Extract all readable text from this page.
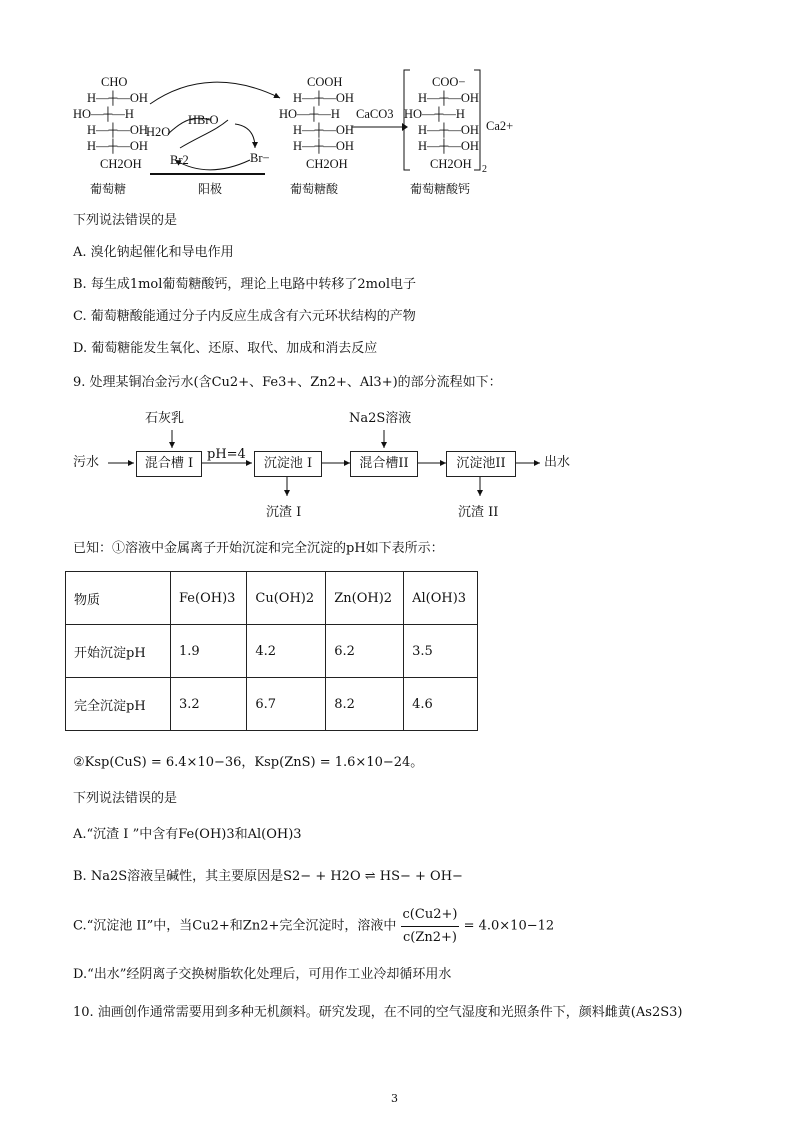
CHO
H—┼—OH
HO—┼—H
H—┼—OH
H—┼—OH
CH2OH
葡萄糖
HBrO
H2O
Br2	Br−
阳极
COOH
H—┼—OH
HO—┼—H
H—┼—OH
H—┼—OH
CH2OH
葡萄糖酸
CaCO3
COO−
H—┼—OH
HO—┼—H
H—┼—OH
H—┼—OH
CH2OH 2
Ca2+
葡萄糖酸钙
下列说法错误的是
A. 溴化钠起催化和导电作用
B. 每生成1mol葡萄糖酸钙，理论上电路中转移了2mol电子
C. 葡萄糖酸能通过分子内反应生成含有六元环状结构的产物
D. 葡萄糖能发生氧化、还原、取代、加成和消去反应
9. 处理某铜冶金污水(含Cu2+、Fe3+、Zn2+、Al3+)的部分流程如下：
污水
石灰乳
混合槽 I
pH=4
沉淀池 I
沉渣 I
Na2S溶液
混合槽II	沉淀池II
沉渣 II
出水
已知：①溶液中金属离子开始沉淀和完全沉淀的pH如下表所示：
物质	Fe(OH)3	Cu(OH)2	Zn(OH)2	Al(OH)3
开始沉淀pH	1.9	4.2	6.2	3.5
完全沉淀pH	3.2	6.7	8.2	4.6
②Ksp(CuS) = 6.4×10−36，Ksp(ZnS) = 1.6×10−24。
下列说法错误的是
A.“沉渣 I ”中含有Fe(OH)3和Al(OH)3
B. Na2S溶液呈碱性，其主要原因是S2− + H2O ⇌ HS− + OH−
C.“沉淀池 II”中，当Cu2+和Zn2+完全沉淀时，溶液中 $\frac{c(Cu2+)}{c(Zn2+)} = 4.0\times 10-12$
D.“出水”经阴离子交换树脂软化处理后，可用作工业冷却循环用水
10. 油画创作通常需要用到多种无机颜料。研究发现，在不同的空气湿度和光照条件下，颜料雌黄(As2S3)
3
